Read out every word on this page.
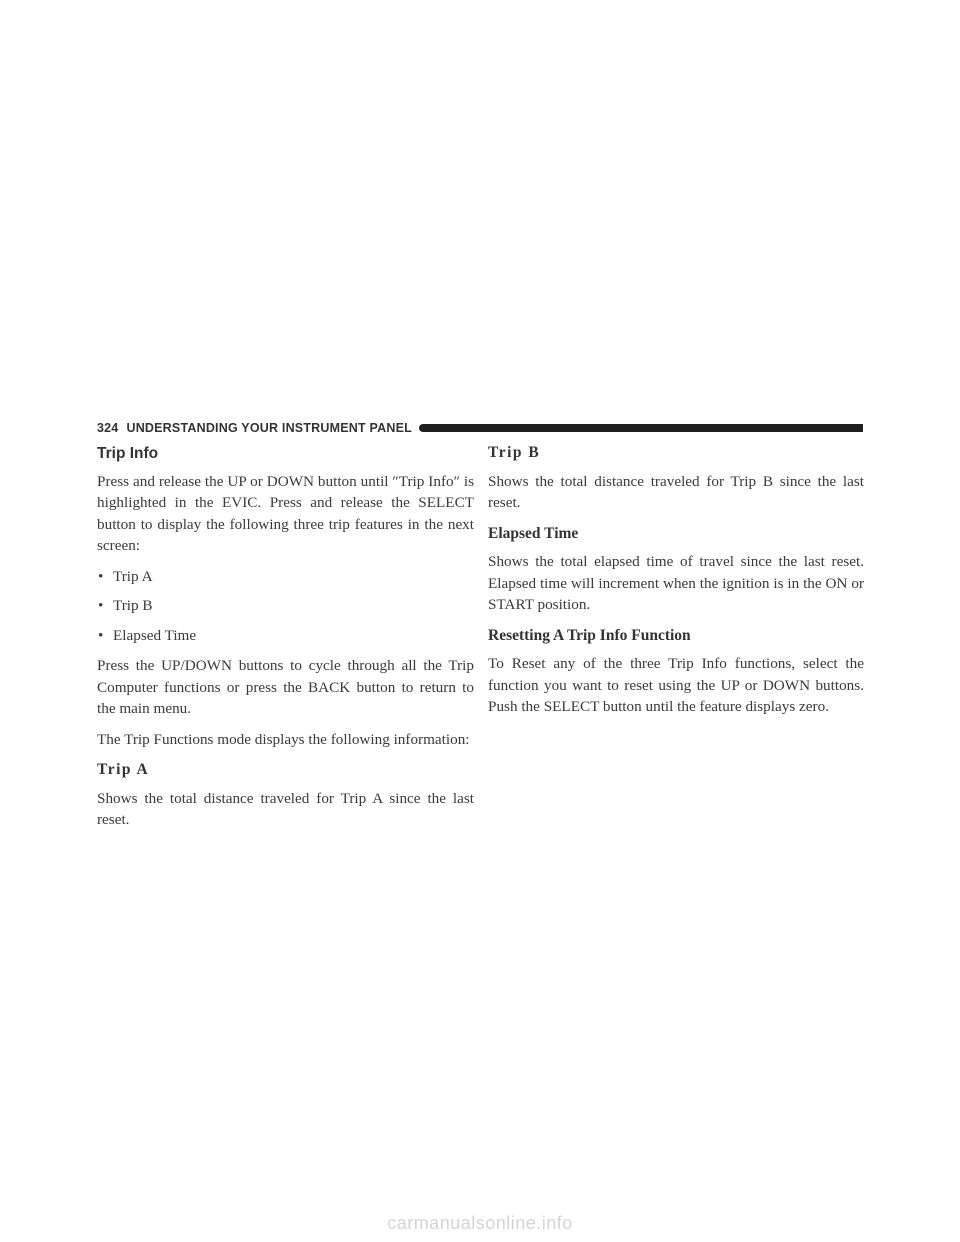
324 UNDERSTANDING YOUR INSTRUMENT PANEL
Trip Info

Press and release the UP or DOWN button until ″Trip Info″ is highlighted in the EVIC. Press and release the SELECT button to display the following three trip features in the next screen:

• Trip A
• Trip B
• Elapsed Time

Press the UP/DOWN buttons to cycle through all the Trip Computer functions or press the BACK button to return to the main menu.

The Trip Functions mode displays the following information:

Trip A

Shows the total distance traveled for Trip A since the last reset.

Trip B

Shows the total distance traveled for Trip B since the last reset.

Elapsed Time

Shows the total elapsed time of travel since the last reset. Elapsed time will increment when the ignition is in the ON or START position.

Resetting A Trip Info Function

To Reset any of the three Trip Info functions, select the function you want to reset using the UP or DOWN buttons. Push the SELECT button until the feature displays zero.

carmanualsonline.info
